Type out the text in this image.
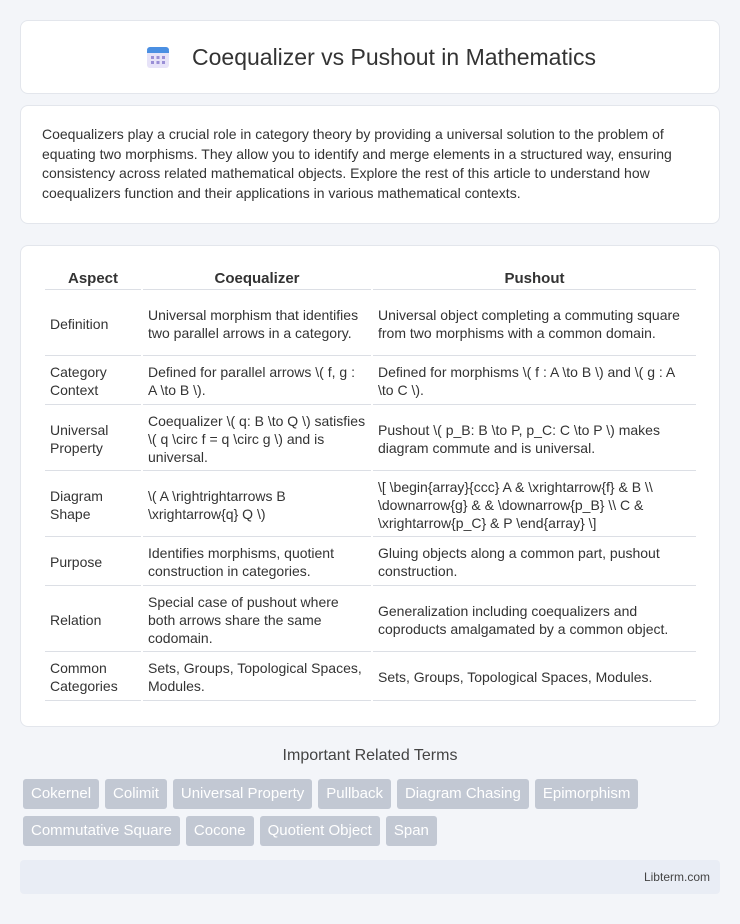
Coequalizer vs Pushout in Mathematics

Coequalizers play a crucial role in category theory by providing a universal solution to the problem of equating two morphisms. They allow you to identify and merge elements in a structured way, ensuring consistency across related mathematical objects. Explore the rest of this article to understand how coequalizers function and their applications in various mathematical contexts.

Aspect	Coequalizer	Pushout
Definition	Universal morphism that identifies two parallel arrows in a category.	Universal object completing a commuting square from two morphisms with a common domain.
Category Context	Defined for parallel arrows \( f, g : A \to B \).	Defined for morphisms \( f : A \to B \) and \( g : A \to C \).
Universal Property	Coequalizer \( q: B \to Q \) satisfies \( q \circ f = q \circ g \) and is universal.	Pushout \( p_B: B \to P, p_C: C \to P \) makes diagram commute and is universal.
Diagram Shape	\( A \rightrightarrows B \xrightarrow{q} Q \)	\[ \begin{array}{ccc} A & \xrightarrow{f} & B \\ \downarrow{g} & & \downarrow{p_B} \\ C & \xrightarrow{p_C} & P \end{array} \]
Purpose	Identifies morphisms, quotient construction in categories.	Gluing objects along a common part, pushout construction.
Relation	Special case of pushout where both arrows share the same codomain.	Generalization including coequalizers and coproducts amalgamated by a common object.
Common Categories	Sets, Groups, Topological Spaces, Modules.	Sets, Groups, Topological Spaces, Modules.
Important Related Terms
Cokernel	Colimit	Universal Property	Pullback	Diagram Chasing	Epimorphism
Commutative Square	Cocone	Quotient Object	Span
Libterm.com
